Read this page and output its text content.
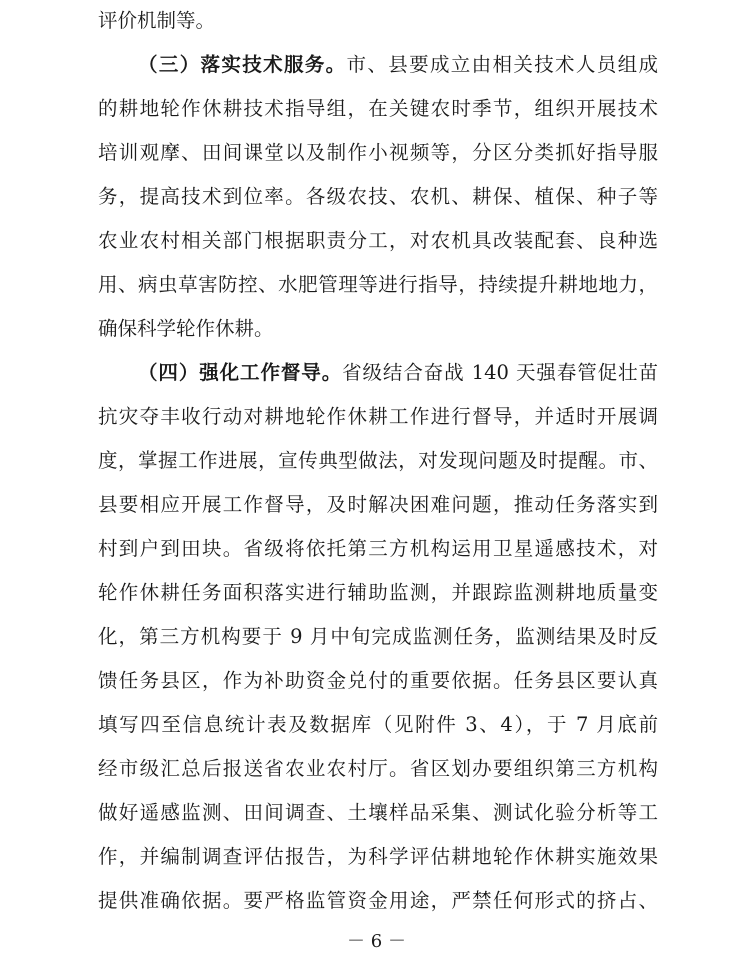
评价机制等。
（三）落实技术服务。市、县要成立由相关技术人员组成
的耕地轮作休耕技术指导组，在关键农时季节，组织开展技术
培训观摩、田间课堂以及制作小视频等，分区分类抓好指导服
务，提高技术到位率。各级农技、农机、耕保、植保、种子等
农业农村相关部门根据职责分工，对农机具改装配套、良种选
用、病虫草害防控、水肥管理等进行指导，持续提升耕地地力，
确保科学轮作休耕。
（四）强化工作督导。省级结合奋战 140 天强春管促壮苗
抗灾夺丰收行动对耕地轮作休耕工作进行督导，并适时开展调
度，掌握工作进展，宣传典型做法，对发现问题及时提醒。市、
县要相应开展工作督导，及时解决困难问题，推动任务落实到
村到户到田块。省级将依托第三方机构运用卫星遥感技术，对
轮作休耕任务面积落实进行辅助监测，并跟踪监测耕地质量变
化，第三方机构要于 9 月中旬完成监测任务，监测结果及时反
馈任务县区，作为补助资金兑付的重要依据。任务县区要认真
填写四至信息统计表及数据库（见附件 3、4），于 7 月底前
经市级汇总后报送省农业农村厅。省区划办要组织第三方机构
做好遥感监测、田间调查、土壤样品采集、测试化验分析等工
作，并编制调查评估报告，为科学评估耕地轮作休耕实施效果
提供准确依据。要严格监管资金用途，严禁任何形式的挤占、
－ 6 －
